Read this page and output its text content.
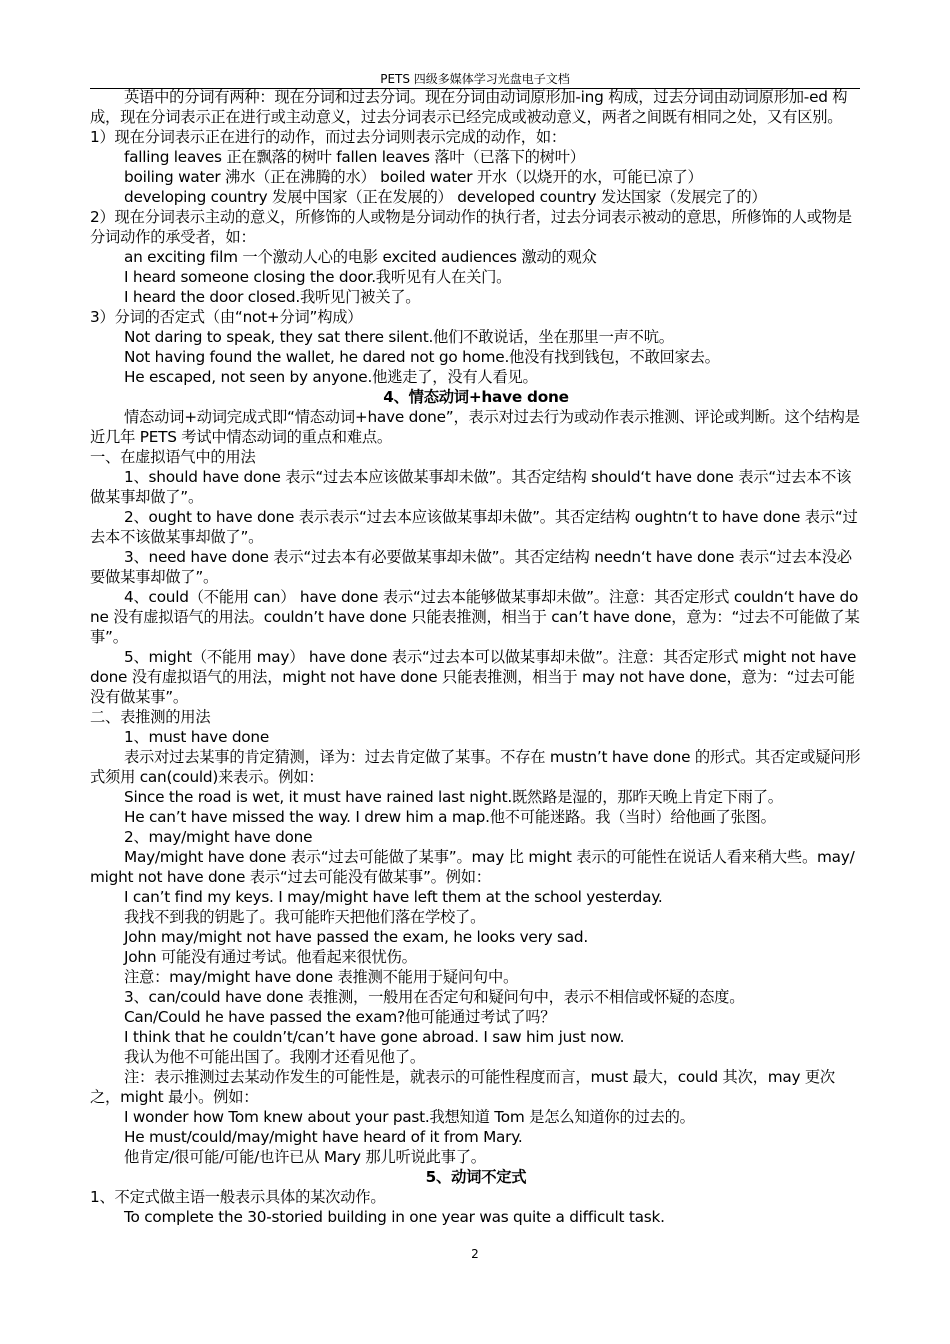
PETS 四级多媒体学习光盘电子文档
英语中的分词有两种：现在分词和过去分词。现在分词由动词原形加-ing 构成，过去分词由动词原形加-ed 构成，现在分词表示正在进行或主动意义，过去分词表示已经完成或被动意义，两者之间既有相同之处，又有区别。
1）现在分词表示正在进行的动作，而过去分词则表示完成的动作，如：
falling leaves 正在飘落的树叶 fallen leaves 落叶（已落下的树叶）
boiling water 沸水（正在沸腾的水） boiled water 开水（以烧开的水，可能已凉了）
developing country 发展中国家（正在发展的） developed country 发达国家（发展完了的）
2）现在分词表示主动的意义，所修饰的人或物是分词动作的执行者，过去分词表示被动的意思，所修饰的人或物是分词动作的承受者，如：
an exciting film 一个激动人心的电影 excited audiences 激动的观众
I heard someone closing the door.我听见有人在关门。
I heard the door closed.我听见门被关了。
3）分词的否定式（由“not+分词”构成）
Not daring to speak, they sat there silent.他们不敢说话，坐在那里一声不吭。
Not having found the wallet, he dared not go home.他没有找到钱包，不敢回家去。
He escaped, not seen by anyone.他逃走了，没有人看见。
4、情态动词+have done
情态动词+动词完成式即“情态动词+have done”，表示对过去行为或动作表示推测、评论或判断。这个结构是近几年 PETS 考试中情态动词的重点和难点。
一、在虚拟语气中的用法
1、should have done 表示“过去本应该做某事却未做”。其否定结构 should‘t have done 表示“过去本不该做某事却做了”。
2、ought to have done 表示表示“过去本应该做某事却未做”。其否定结构 oughtn‘t to have done 表示“过去本不该做某事却做了”。
3、need have done 表示“过去本有必要做某事却未做”。其否定结构 needn‘t have done 表示“过去本没必要做某事却做了”。
4、could（不能用 can） have done 表示“过去本能够做某事却未做”。注意：其否定形式 couldn‘t have done 没有虚拟语气的用法。couldn’t have done 只能表推测，相当于 can’t have done，意为：“过去不可能做了某事”。
5、might（不能用 may） have done 表示“过去本可以做某事却未做”。注意：其否定形式 might not have done 没有虚拟语气的用法，might not have done 只能表推测，相当于 may not have done，意为：“过去可能没有做某事”。
二、表推测的用法
1、must have done
表示对过去某事的肯定猜测，译为：过去肯定做了某事。不存在 mustn’t have done 的形式。其否定或疑问形式须用 can(could)来表示。例如：
Since the road is wet, it must have rained last night.既然路是湿的，那昨天晚上肯定下雨了。
He can’t have missed the way. I drew him a map.他不可能迷路。我（当时）给他画了张图。
2、may/might have done
May/might have done 表示“过去可能做了某事”。may 比 might 表示的可能性在说话人看来稍大些。may/might not have done 表示“过去可能没有做某事”。例如：
I can’t find my keys. I may/might have left them at the school yesterday.
我找不到我的钥匙了。我可能昨天把他们落在学校了。
John may/might not have passed the exam, he looks very sad.
John 可能没有通过考试。他看起来很忧伤。
注意：may/might have done 表推测不能用于疑问句中。
3、can/could have done 表推测，一般用在否定句和疑问句中，表示不相信或怀疑的态度。
Can/Could he have passed the exam?他可能通过考试了吗？
I think that he couldn’t/can’t have gone abroad. I saw him just now.
我认为他不可能出国了。我刚才还看见他了。
注：表示推测过去某动作发生的可能性是，就表示的可能性程度而言，must 最大，could 其次，may 更次之，might 最小。例如：
I wonder how Tom knew about your past.我想知道 Tom 是怎么知道你的过去的。
He must/could/may/might have heard of it from Mary.
他肯定/很可能/可能/也许已从 Mary 那儿听说此事了。
5、动词不定式
1、不定式做主语一般表示具体的某次动作。
To complete the 30-storied building in one year was quite a difficult task.
2
